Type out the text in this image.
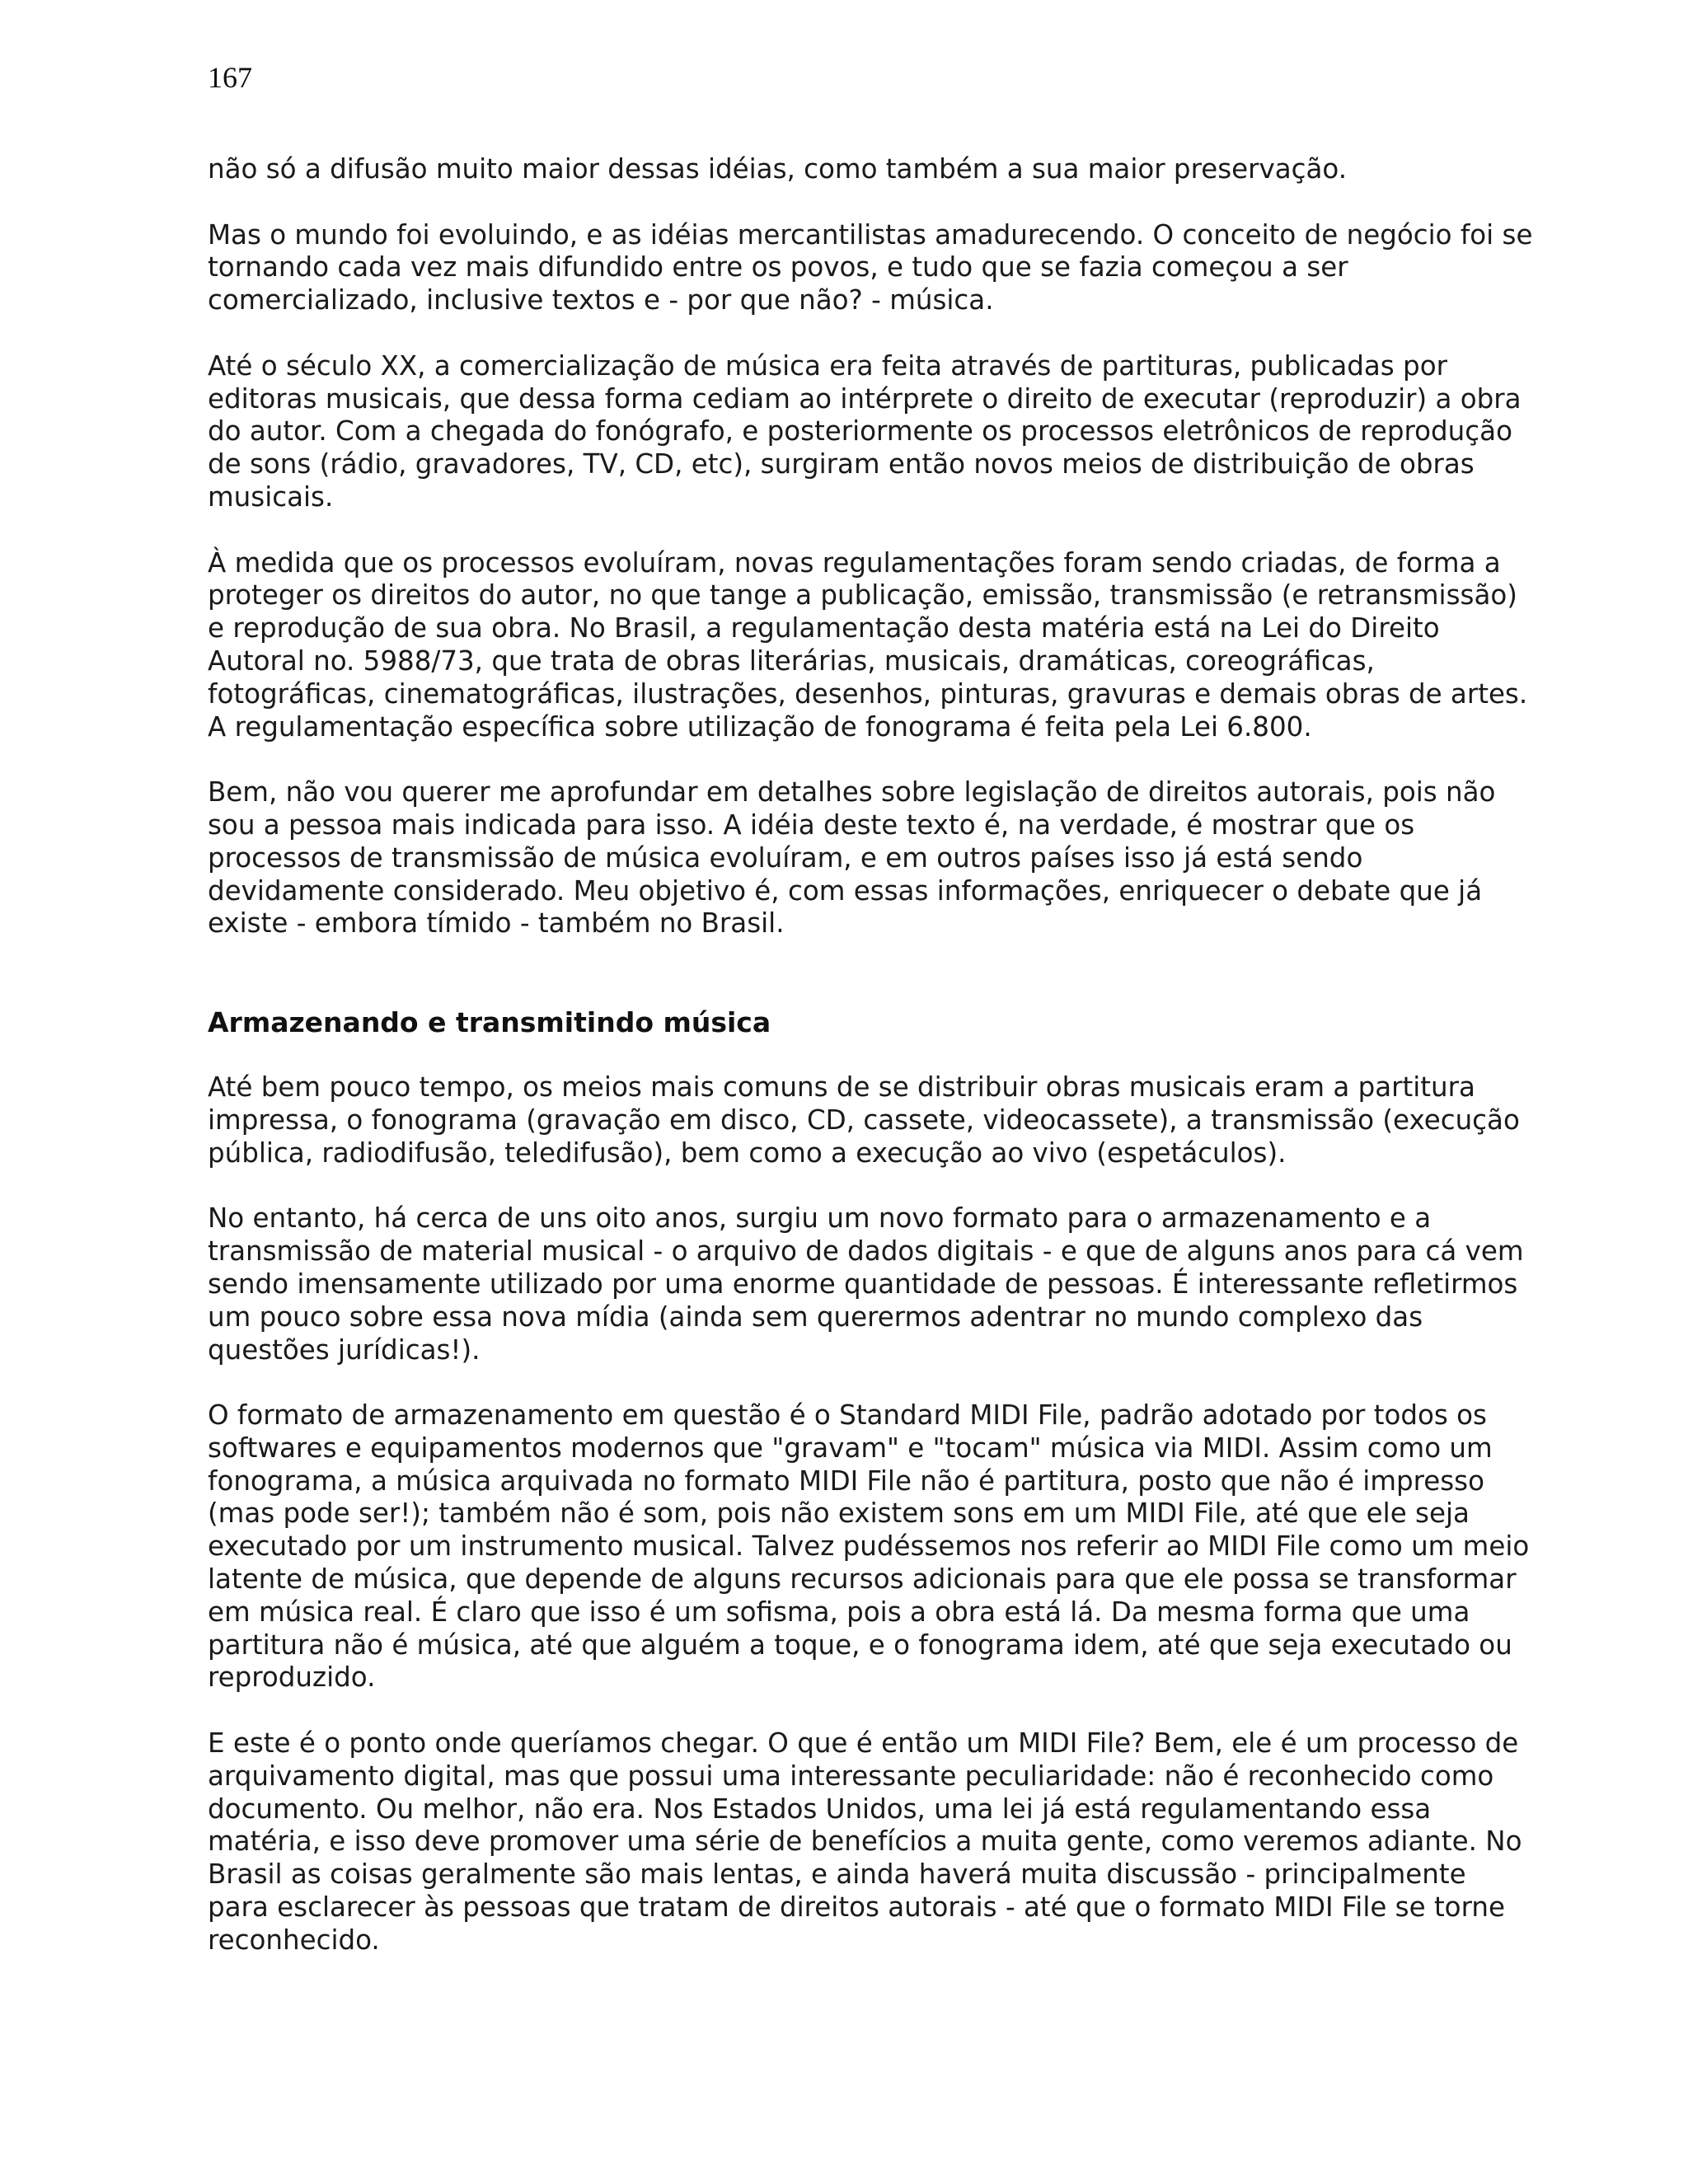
167

não só a difusão muito maior dessas idéias, como também a sua maior preservação.

Mas o mundo foi evoluindo, e as idéias mercantilistas amadurecendo. O conceito de negócio foi se tornando cada vez mais difundido entre os povos, e tudo que se fazia começou a ser comercializado, inclusive textos e - por que não? - música.

Até o século XX, a comercialização de música era feita através de partituras, publicadas por editoras musicais, que dessa forma cediam ao intérprete o direito de executar (reproduzir) a obra do autor. Com a chegada do fonógrafo, e posteriormente os processos eletrônicos de reprodução de sons (rádio, gravadores, TV, CD, etc), surgiram então novos meios de distribuição de obras musicais.

À medida que os processos evoluíram, novas regulamentações foram sendo criadas, de forma a proteger os direitos do autor, no que tange a publicação, emissão, transmissão (e retransmissão) e reprodução de sua obra. No Brasil, a regulamentação desta matéria está na Lei do Direito Autoral no. 5988/73, que trata de obras literárias, musicais, dramáticas, coreográficas, fotográficas, cinematográficas, ilustrações, desenhos, pinturas, gravuras e demais obras de artes. A regulamentação específica sobre utilização de fonograma é feita pela Lei 6.800.

Bem, não vou querer me aprofundar em detalhes sobre legislação de direitos autorais, pois não sou a pessoa mais indicada para isso. A idéia deste texto é, na verdade, é mostrar que os processos de transmissão de música evoluíram, e em outros países isso já está sendo devidamente considerado. Meu objetivo é, com essas informações, enriquecer o debate que já existe - embora tímido - também no Brasil.

Armazenando e transmitindo música

Até bem pouco tempo, os meios mais comuns de se distribuir obras musicais eram a partitura impressa, o fonograma (gravação em disco, CD, cassete, videocassete), a transmissão (execução pública, radiodifusão, teledifusão), bem como a execução ao vivo (espetáculos).

No entanto, há cerca de uns oito anos, surgiu um novo formato para o armazenamento e a transmissão de material musical - o arquivo de dados digitais - e que de alguns anos para cá vem sendo imensamente utilizado por uma enorme quantidade de pessoas. É interessante refletirmos um pouco sobre essa nova mídia (ainda sem querermos adentrar no mundo complexo das questões jurídicas!).

O formato de armazenamento em questão é o Standard MIDI File, padrão adotado por todos os softwares e equipamentos modernos que "gravam" e "tocam" música via MIDI. Assim como um fonograma, a música arquivada no formato MIDI File não é partitura, posto que não é impresso (mas pode ser!); também não é som, pois não existem sons em um MIDI File, até que ele seja executado por um instrumento musical. Talvez pudéssemos nos referir ao MIDI File como um meio latente de música, que depende de alguns recursos adicionais para que ele possa se transformar em música real. É claro que isso é um sofisma, pois a obra está lá. Da mesma forma que uma partitura não é música, até que alguém a toque, e o fonograma idem, até que seja executado ou reproduzido.

E este é o ponto onde queríamos chegar. O que é então um MIDI File? Bem, ele é um processo de arquivamento digital, mas que possui uma interessante peculiaridade: não é reconhecido como documento. Ou melhor, não era. Nos Estados Unidos, uma lei já está regulamentando essa matéria, e isso deve promover uma série de benefícios a muita gente, como veremos adiante. No Brasil as coisas geralmente são mais lentas, e ainda haverá muita discussão - principalmente para esclarecer às pessoas que tratam de direitos autorais - até que o formato MIDI File se torne reconhecido.
